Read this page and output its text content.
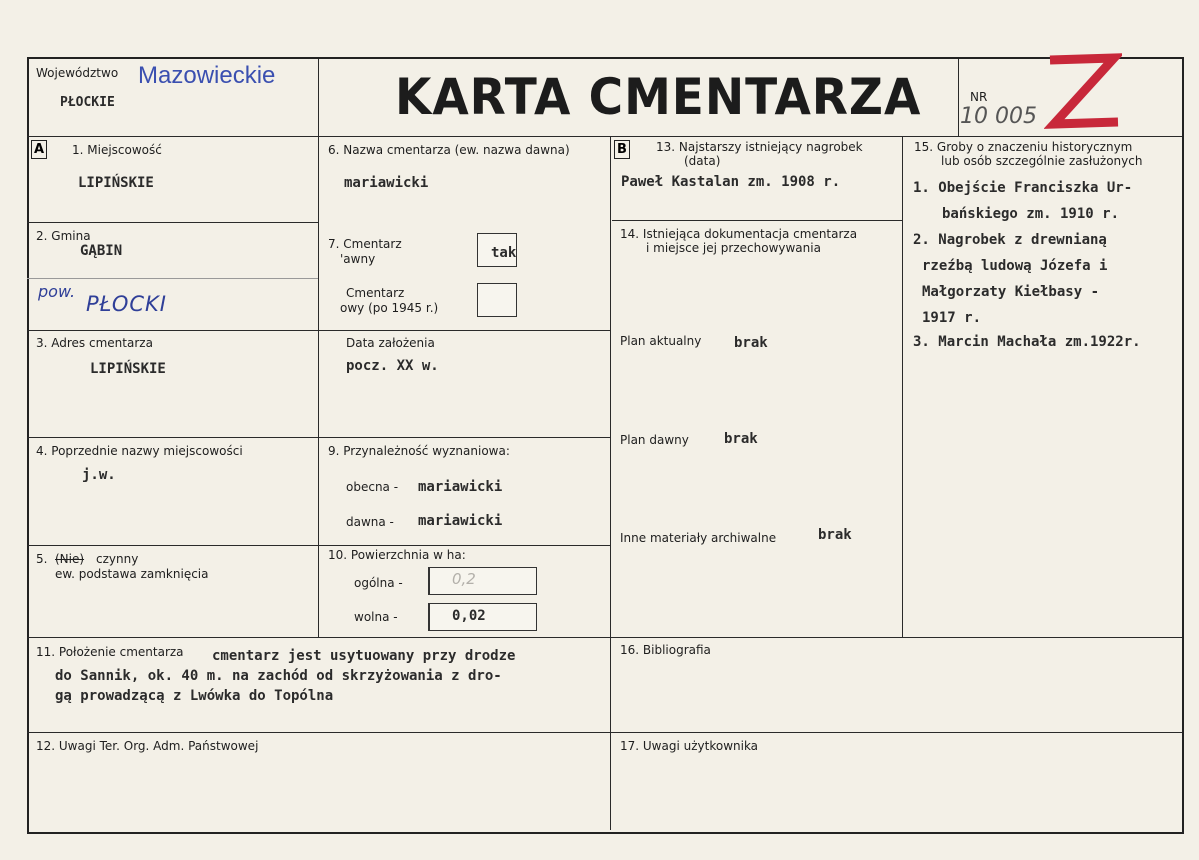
Województwo Mazowieckie
PŁOCKIE	KARTA CMENTARZA	NR
10 005
A 1. Miejscowość
LIPIŃSKIE
2. Gmina
GĄBIN
pow.
PŁOCKI
3. Adres cmentarza
LIPIŃSKIE
4. Poprzednie nazwy miejscowości
j.w.
5. (Nie) czynny
ew. podstawa zamknięcia
6. Nazwa cmentarza (ew. nazwa dawna)
mariawicki
7. Cmentarz
'awny	tak
Cmentarz
owy (po 1945 r.)
Data założenia
pocz. XX w.
9. Przynależność wyznaniowa:
obecna - mariawicki
dawna - mariawicki
10. Powierzchnia w ha:
ogólna -	0,2
wolna -	0,02
B 13. Najstarszy istniejący nagrobek
(data)
Paweł Kastalan zm. 1908 r.
14. Istniejąca dokumentacja cmentarza
i miejsce jej przechowywania
Plan aktualny brak
Plan dawny	brak
Inne materiały archiwalne	brak
15. Groby o znaczeniu historycznym
lub osób szczególnie zasłużonych
1. Obejście Franciszka Ur-
bańskiego zm. 1910 r.
2. Nagrobek z drewnianą
rzeźbą ludową Józefa i
Małgorzaty Kiełbasy -
1917 r.
3. Marcin Machała zm.1922r.
11. Położenie cmentarza cmentarz jest usytuowany przy drodze
do Sannik, ok. 40 m. na zachód od skrzyżowania z dro-
gą prowadzącą z Lwówka do Topólna
16. Bibliografia
12. Uwagi Ter. Org. Adm. Państwowej	17. Uwagi użytkownika
